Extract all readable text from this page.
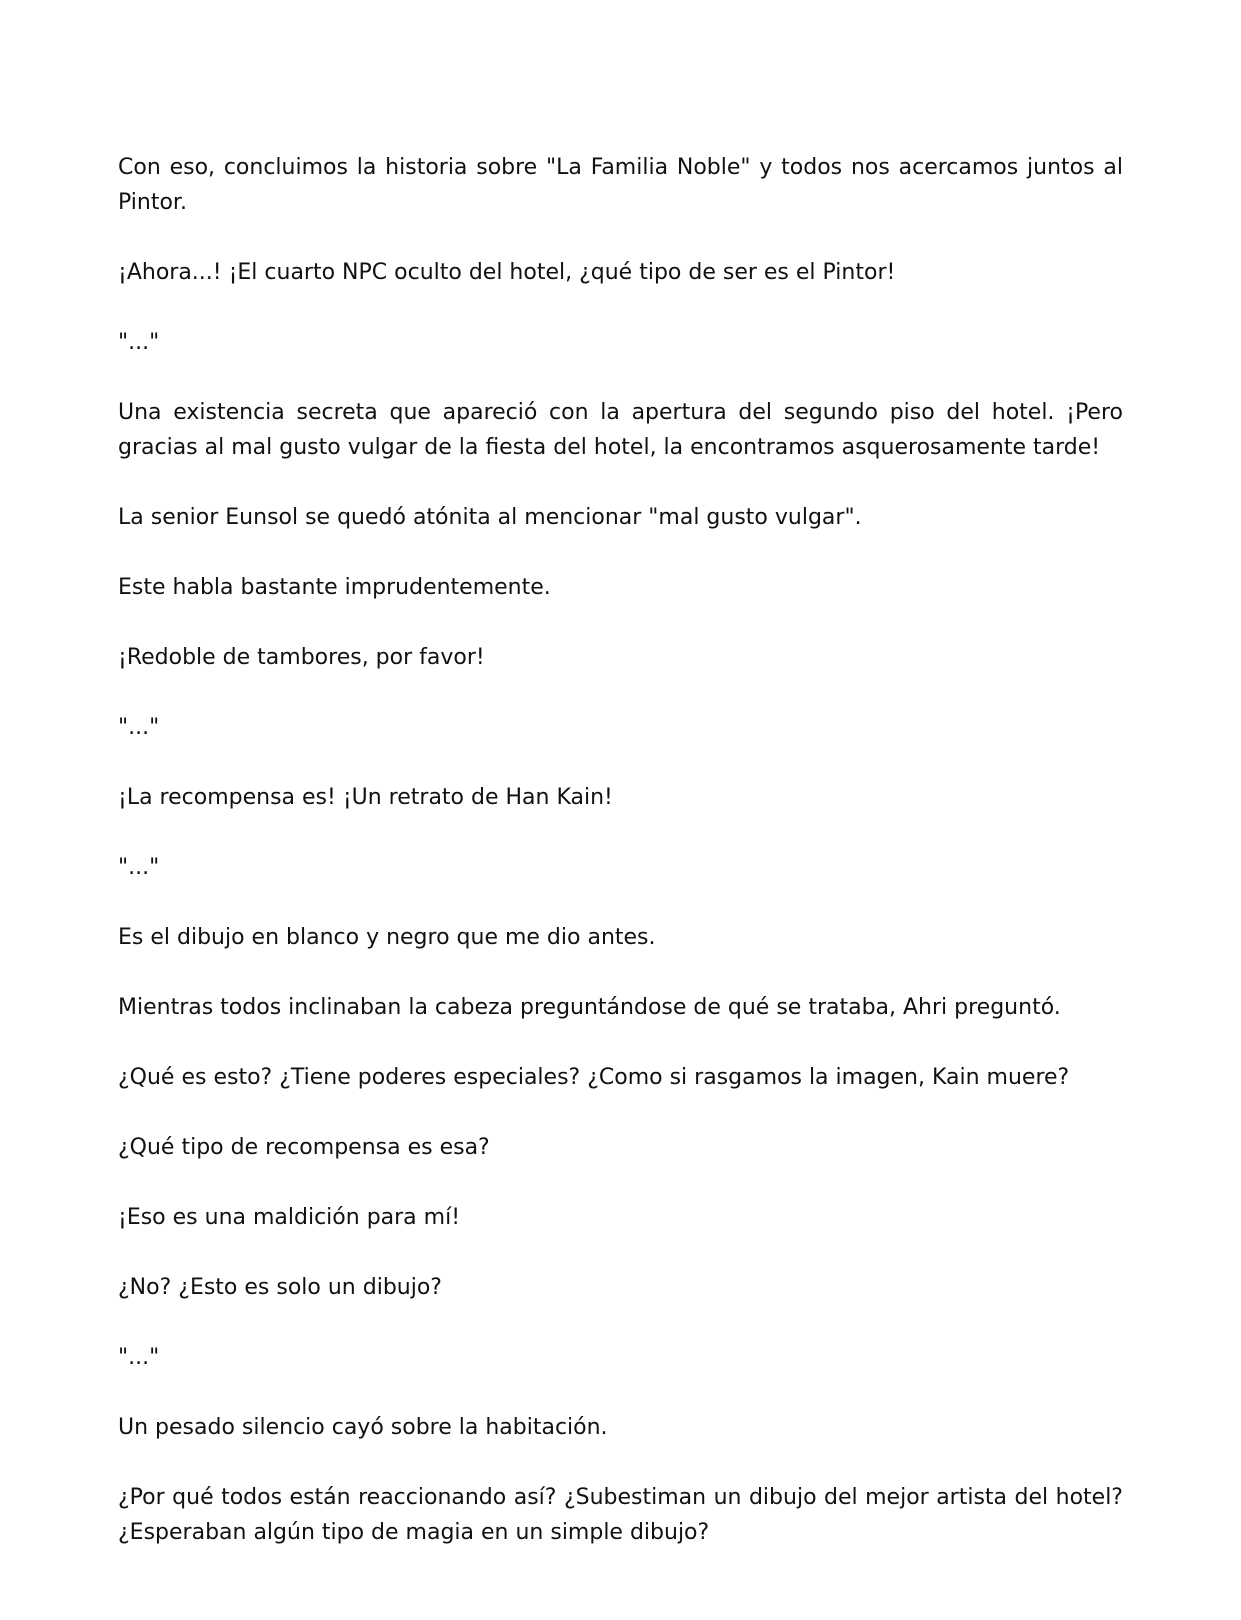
Con eso, concluimos la historia sobre "La Familia Noble" y todos nos acercamos juntos al Pintor.

¡Ahora...! ¡El cuarto NPC oculto del hotel, ¿qué tipo de ser es el Pintor!

"..."

Una existencia secreta que apareció con la apertura del segundo piso del hotel. ¡Pero gracias al mal gusto vulgar de la fiesta del hotel, la encontramos asquerosamente tarde!

La senior Eunsol se quedó atónita al mencionar "mal gusto vulgar".

Este habla bastante imprudentemente.

¡Redoble de tambores, por favor!

"..."

¡La recompensa es! ¡Un retrato de Han Kain!

"..."

Es el dibujo en blanco y negro que me dio antes.

Mientras todos inclinaban la cabeza preguntándose de qué se trataba, Ahri preguntó.

¿Qué es esto? ¿Tiene poderes especiales? ¿Como si rasgamos la imagen, Kain muere?

¿Qué tipo de recompensa es esa?

¡Eso es una maldición para mí!

¿No? ¿Esto es solo un dibujo?

"..."

Un pesado silencio cayó sobre la habitación.

¿Por qué todos están reaccionando así? ¿Subestiman un dibujo del mejor artista del hotel? ¿Esperaban algún tipo de magia en un simple dibujo?
